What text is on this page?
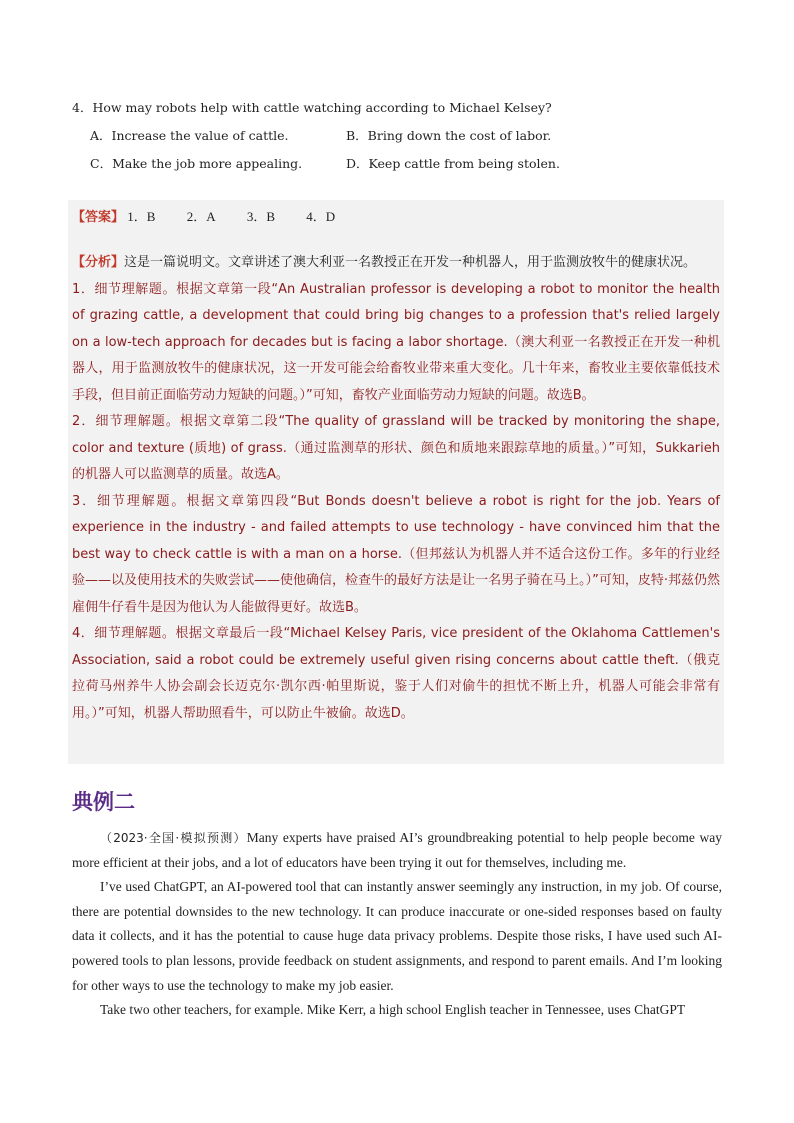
4．How may robots help with cattle watching according to Michael Kelsey?

A．Increase the value of cattle.	B．Bring down the cost of labor.
C．Make the job more appealing.	D．Keep cattle from being stolen.
【答案】 1．B 2．A 3．B 4．D

【分析】这是一篇说明文。文章讲述了澳大利亚一名教授正在开发一种机器人，用于监测放牧牛的健康状况。

1．细节理解题。根据文章第一段“An Australian professor is developing a robot to monitor the health of grazing cattle, a development that could bring big changes to a profession that's relied largely on a low-tech approach for decades but is facing a labor shortage.（澳大利亚一名教授正在开发一种机器人，用于监测放牧牛的健康状况，这一开发可能会给畜牧业带来重大变化。几十年来，畜牧业主要依靠低技术手段，但目前正面临劳动力短缺的问题。）”可知，畜牧产业面临劳动力短缺的问题。故选B。

2．细节理解题。根据文章第二段“The quality of grassland will be tracked by monitoring the shape, color and texture (质地) of grass.（通过监测草的形状、颜色和质地来跟踪草地的质量。）”可知，Sukkarieh 的机器人可以监测草的质量。故选A。

3．细节理解题。根据文章第四段“But Bonds doesn't believe a robot is right for the job. Years of experience in the industry - and failed attempts to use technology - have convinced him that the best way to check cattle is with a man on a horse.（但邦兹认为机器人并不适合这份工作。多年的行业经验——以及使用技术的失败尝试——使他确信，检查牛的最好方法是让一名男子骑在马上。）”可知，皮特·邦兹仍然雇佣牛仔看牛是因为他认为人能做得更好。故选B。

4．细节理解题。根据文章最后一段“Michael Kelsey Paris, vice president of the Oklahoma Cattlemen's Association, said a robot could be extremely useful given rising concerns about cattle theft.（俄克拉荷马州养牛人协会副会长迈克尔·凯尔西·帕里斯说，鉴于人们对偷牛的担忧不断上升，机器人可能会非常有用。）”可知，机器人帮助照看牛，可以防止牛被偷。故选D。

典例二

（2023·全国·模拟预测）Many experts have praised AI’s groundbreaking potential to help people become way more efficient at their jobs, and a lot of educators have been trying it out for themselves, including me.

I’ve used ChatGPT, an AI-powered tool that can instantly answer seemingly any instruction, in my job. Of course, there are potential downsides to the new technology. It can produce inaccurate or one-sided responses based on faulty data it collects, and it has the potential to cause huge data privacy problems. Despite those risks, I have used such AI-powered tools to plan lessons, provide feedback on student assignments, and respond to parent emails. And I’m looking for other ways to use the technology to make my job easier.

Take two other teachers, for example. Mike Kerr, a high school English teacher in Tennessee, uses ChatGPT
